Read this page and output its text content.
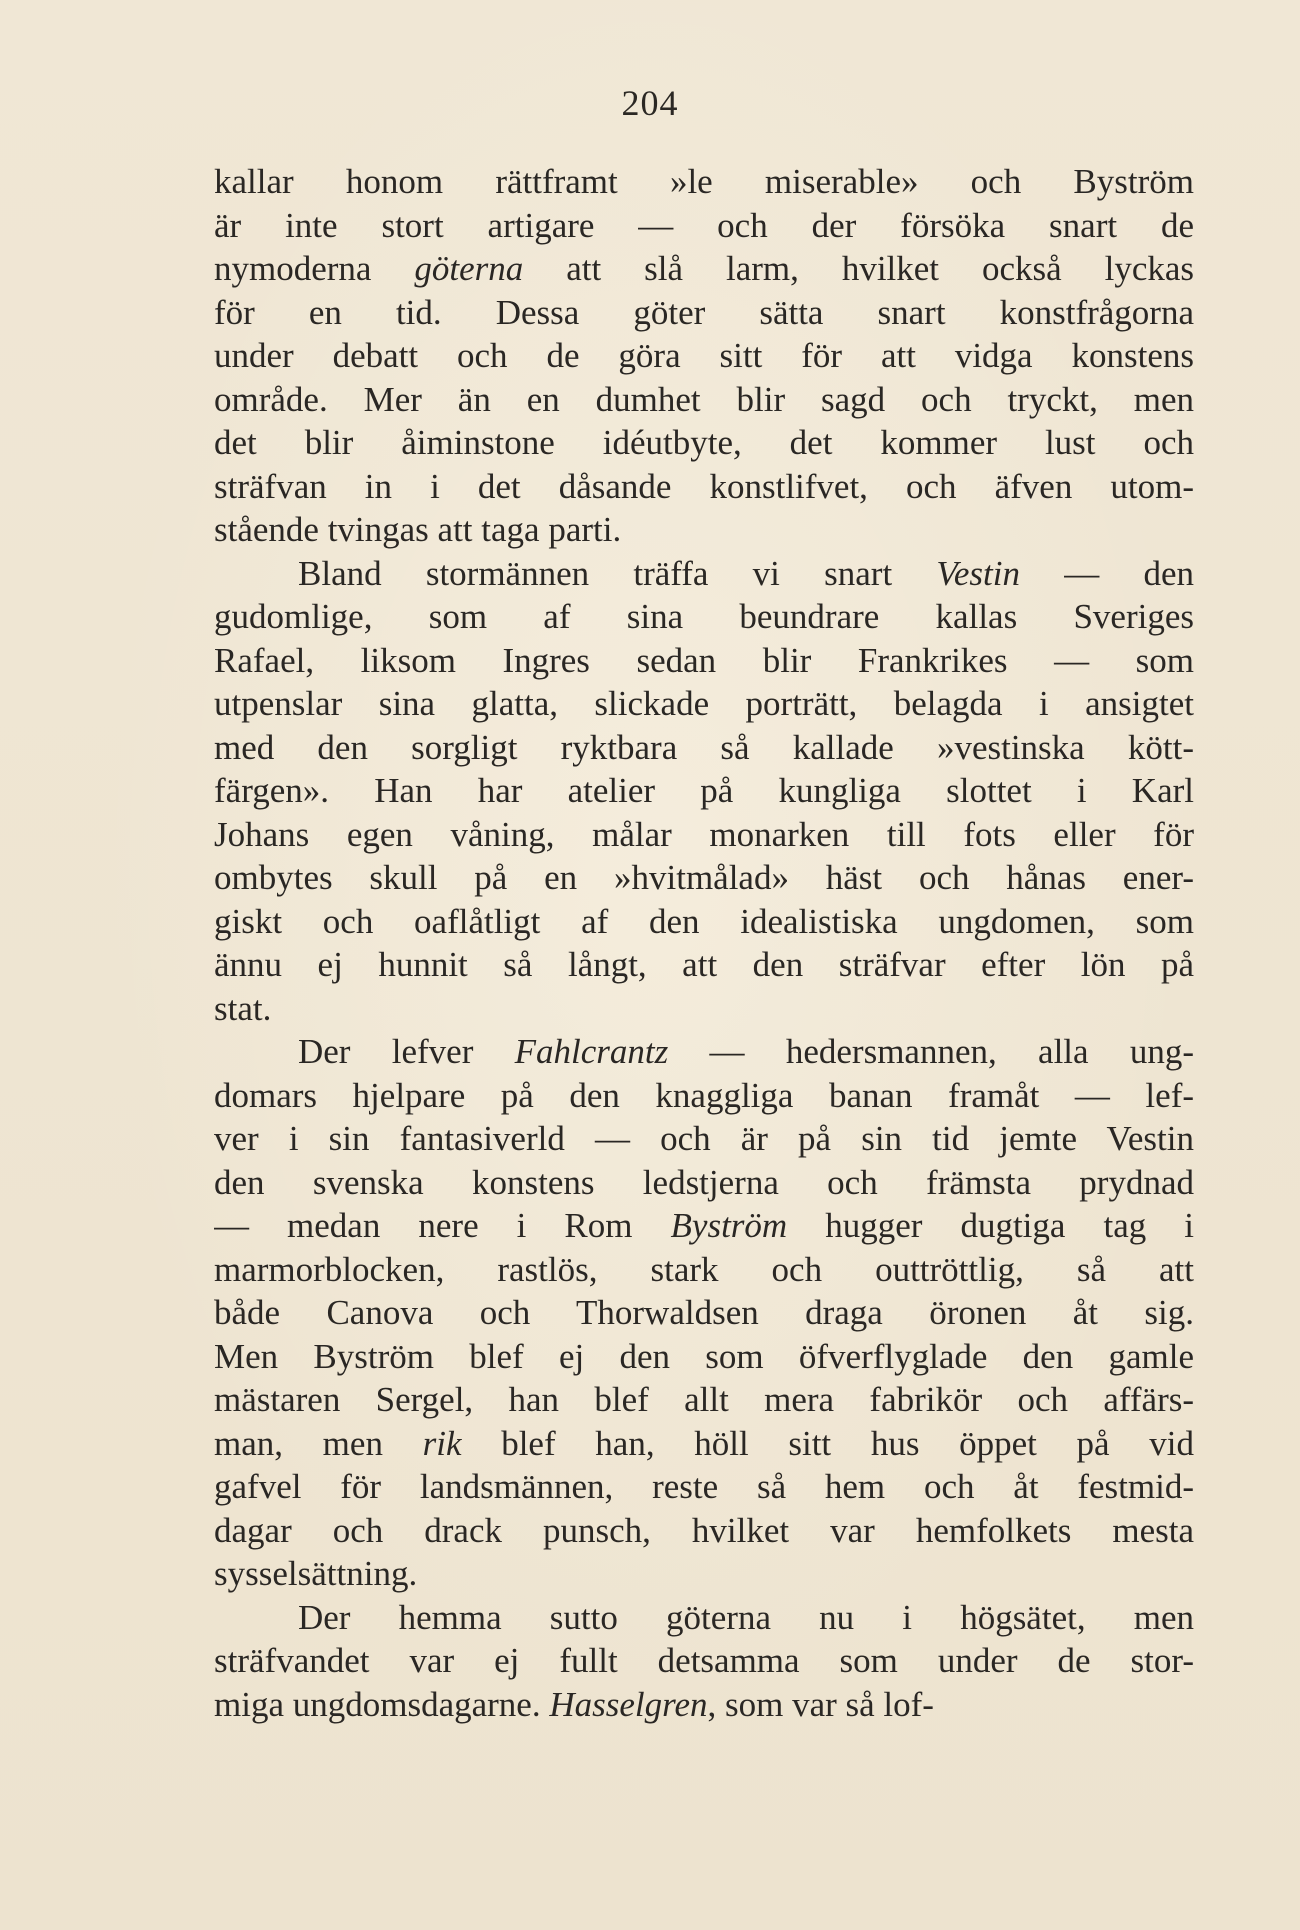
204
kallar honom rättframt »le miserable» och Byström
är inte stort artigare — och der försöka snart de
nymoderna göterna att slå larm, hvilket också lyckas
för en tid. Dessa göter sätta snart konstfrågorna
under debatt och de göra sitt för att vidga konstens
område. Mer än en dumhet blir sagd och tryckt, men
det blir åiminstone idéutbyte, det kommer lust och
sträfvan in i det dåsande konstlifvet, och äfven utom-
stående tvingas att taga parti.
Bland stormännen träffa vi snart Vestin — den
gudomlige, som af sina beundrare kallas Sveriges
Rafael, liksom Ingres sedan blir Frankrikes — som
utpenslar sina glatta, slickade porträtt, belagda i ansigtet
med den sorgligt ryktbara så kallade »vestinska kött-
färgen». Han har atelier på kungliga slottet i Karl
Johans egen våning, målar monarken till fots eller för
ombytes skull på en »hvitmålad» häst och hånas ener-
giskt och oaflåtligt af den idealistiska ungdomen, som
ännu ej hunnit så långt, att den sträfvar efter lön på
stat.
Der lefver Fahlcrantz — hedersmannen, alla ung-
domars hjelpare på den knaggliga banan framåt — lef-
ver i sin fantasiverld — och är på sin tid jemte Vestin
den svenska konstens ledstjerna och främsta prydnad
— medan nere i Rom Byström hugger dugtiga tag i
marmorblocken, rastlös, stark och outtröttlig, så att
både Canova och Thorwaldsen draga öronen åt sig.
Men Byström blef ej den som öfverflyglade den gamle
mästaren Sergel, han blef allt mera fabrikör och affärs-
man, men rik blef han, höll sitt hus öppet på vid
gafvel för landsmännen, reste så hem och åt festmid-
dagar och drack punsch, hvilket var hemfolkets mesta
sysselsättning.
Der hemma sutto göterna nu i högsätet, men
sträfvandet var ej fullt detsamma som under de stor-
miga ungdomsdagarne. Hasselgren, som var så lof-
